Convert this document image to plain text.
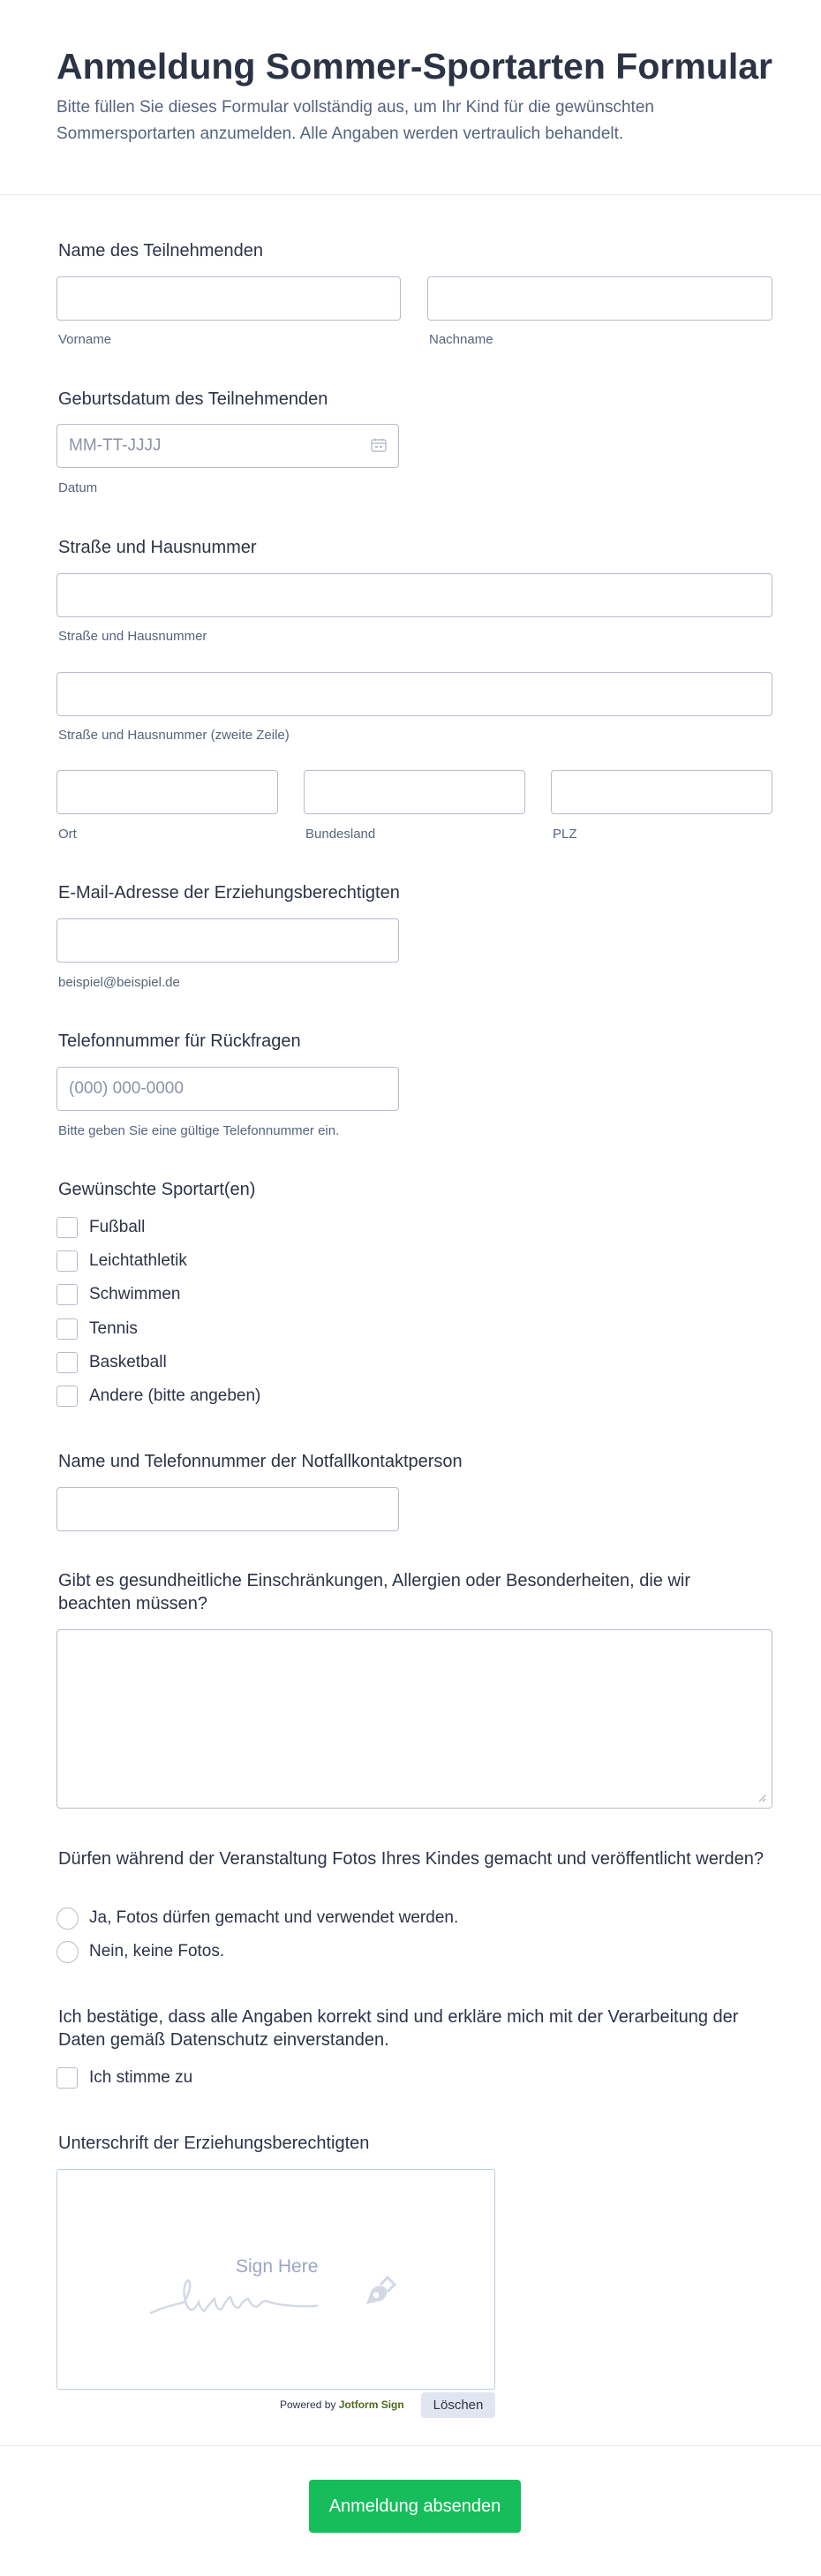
Anmeldung Sommer-Sportarten Formular

Bitte füllen Sie dieses Formular vollständig aus, um Ihr Kind für die gewünschten Sommersportarten anzumelden. Alle Angaben werden vertraulich behandelt.

Name des Teilnehmenden
Vorname	Nachname
Geburtsdatum des Teilnehmenden
MM-TT-JJJJ
Datum
Straße und Hausnummer
Straße und Hausnummer
Straße und Hausnummer (zweite Zeile)
Ort	Bundesland	PLZ
E-Mail-Adresse der Erziehungsberechtigten
beispiel@beispiel.de
Telefonnummer für Rückfragen
(000) 000-0000
Bitte geben Sie eine gültige Telefonnummer ein.
Gewünschte Sportart(en)
Fußball
Leichtathletik
Schwimmen
Tennis
Basketball
Andere (bitte angeben)
Name und Telefonnummer der Notfallkontaktperson
Gibt es gesundheitliche Einschränkungen, Allergien oder Besonderheiten, die wir beachten müssen?
Dürfen während der Veranstaltung Fotos Ihres Kindes gemacht und veröffentlicht werden?
Ja, Fotos dürfen gemacht und verwendet werden.
Nein, keine Fotos.
Ich bestätige, dass alle Angaben korrekt sind und erkläre mich mit der Verarbeitung der Daten gemäß Datenschutz einverstanden.
Ich stimme zu
Unterschrift der Erziehungsberechtigten
Sign Here
Powered by Jotform Sign	Löschen
Anmeldung absenden
